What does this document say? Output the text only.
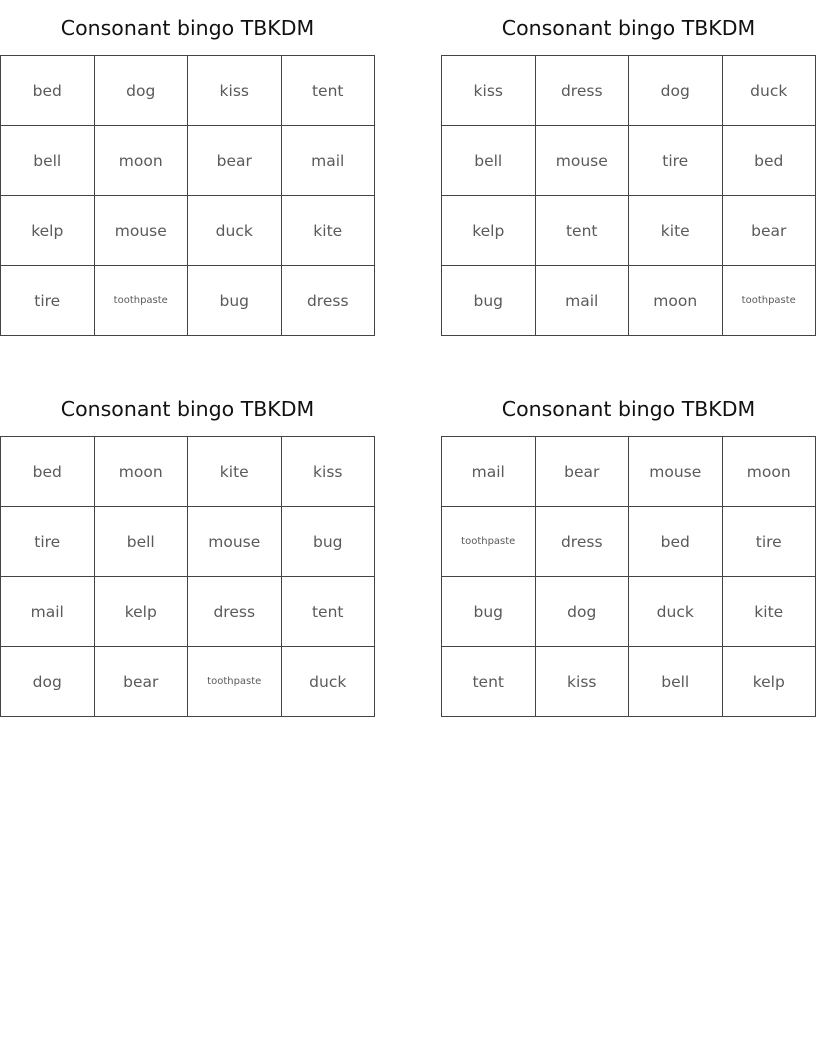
Consonant bingo TBKDM
bed	dog	kiss	tent
bell	moon	bear	mail
kelp	mouse	duck	kite
tire	toothpaste	bug	dress
Consonant bingo TBKDM
kiss	dress	dog	duck
bell	mouse	tire	bed
kelp	tent	kite	bear
bug	mail	moon	toothpaste
Consonant bingo TBKDM
bed	moon	kite	kiss
tire	bell	mouse	bug
mail	kelp	dress	tent
dog	bear	toothpaste	duck
Consonant bingo TBKDM
mail	bear	mouse	moon
toothpaste	dress	bed	tire
bug	dog	duck	kite
tent	kiss	bell	kelp
